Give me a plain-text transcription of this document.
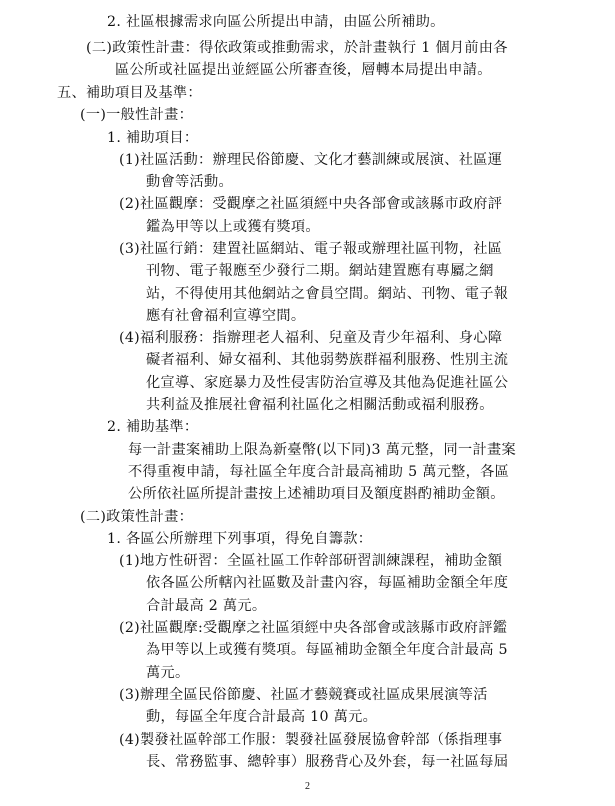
2. 社區根據需求向區公所提出申請，由區公所補助。
(二)政策性計畫：得依政策或推動需求，於計畫執行 1 個月前由各
區公所或社區提出並經區公所審查後，層轉本局提出申請。
五、補助項目及基準：
(一)一般性計畫：
1. 補助項目：
(1)社區活動：辦理民俗節慶、文化才藝訓練或展演、社區運
動會等活動。
(2)社區觀摩：受觀摩之社區須經中央各部會或該縣市政府評
鑑為甲等以上或獲有獎項。
(3)社區行銷：建置社區網站、電子報或辦理社區刊物，社區
刊物、電子報應至少發行二期。網站建置應有專屬之網
站，不得使用其他網站之會員空間。網站、刊物、電子報
應有社會福利宣導空間。
(4)福利服務：指辦理老人福利、兒童及青少年福利、身心障
礙者福利、婦女福利、其他弱勢族群福利服務、性別主流
化宣導、家庭暴力及性侵害防治宣導及其他為促進社區公
共利益及推展社會福利社區化之相關活動或福利服務。
2. 補助基準：
每一計畫案補助上限為新臺幣(以下同)3 萬元整，同一計畫案
不得重複申請，每社區全年度合計最高補助 5 萬元整，各區
公所依社區所提計畫按上述補助項目及額度斟酌補助金額。
(二)政策性計畫：
1. 各區公所辦理下列事項，得免自籌款：
(1)地方性研習：全區社區工作幹部研習訓練課程，補助金額
依各區公所轄內社區數及計畫內容，每區補助金額全年度
合計最高 2 萬元。
(2)社區觀摩:受觀摩之社區須經中央各部會或該縣市政府評鑑
為甲等以上或獲有獎項。每區補助金額全年度合計最高 5
萬元。
(3)辦理全區民俗節慶、社區才藝競賽或社區成果展演等活
動，每區全年度合計最高 10 萬元。
(4)製發社區幹部工作服：製發社區發展協會幹部（係指理事
長、常務監事、總幹事）服務背心及外套，每一社區每屆
2
